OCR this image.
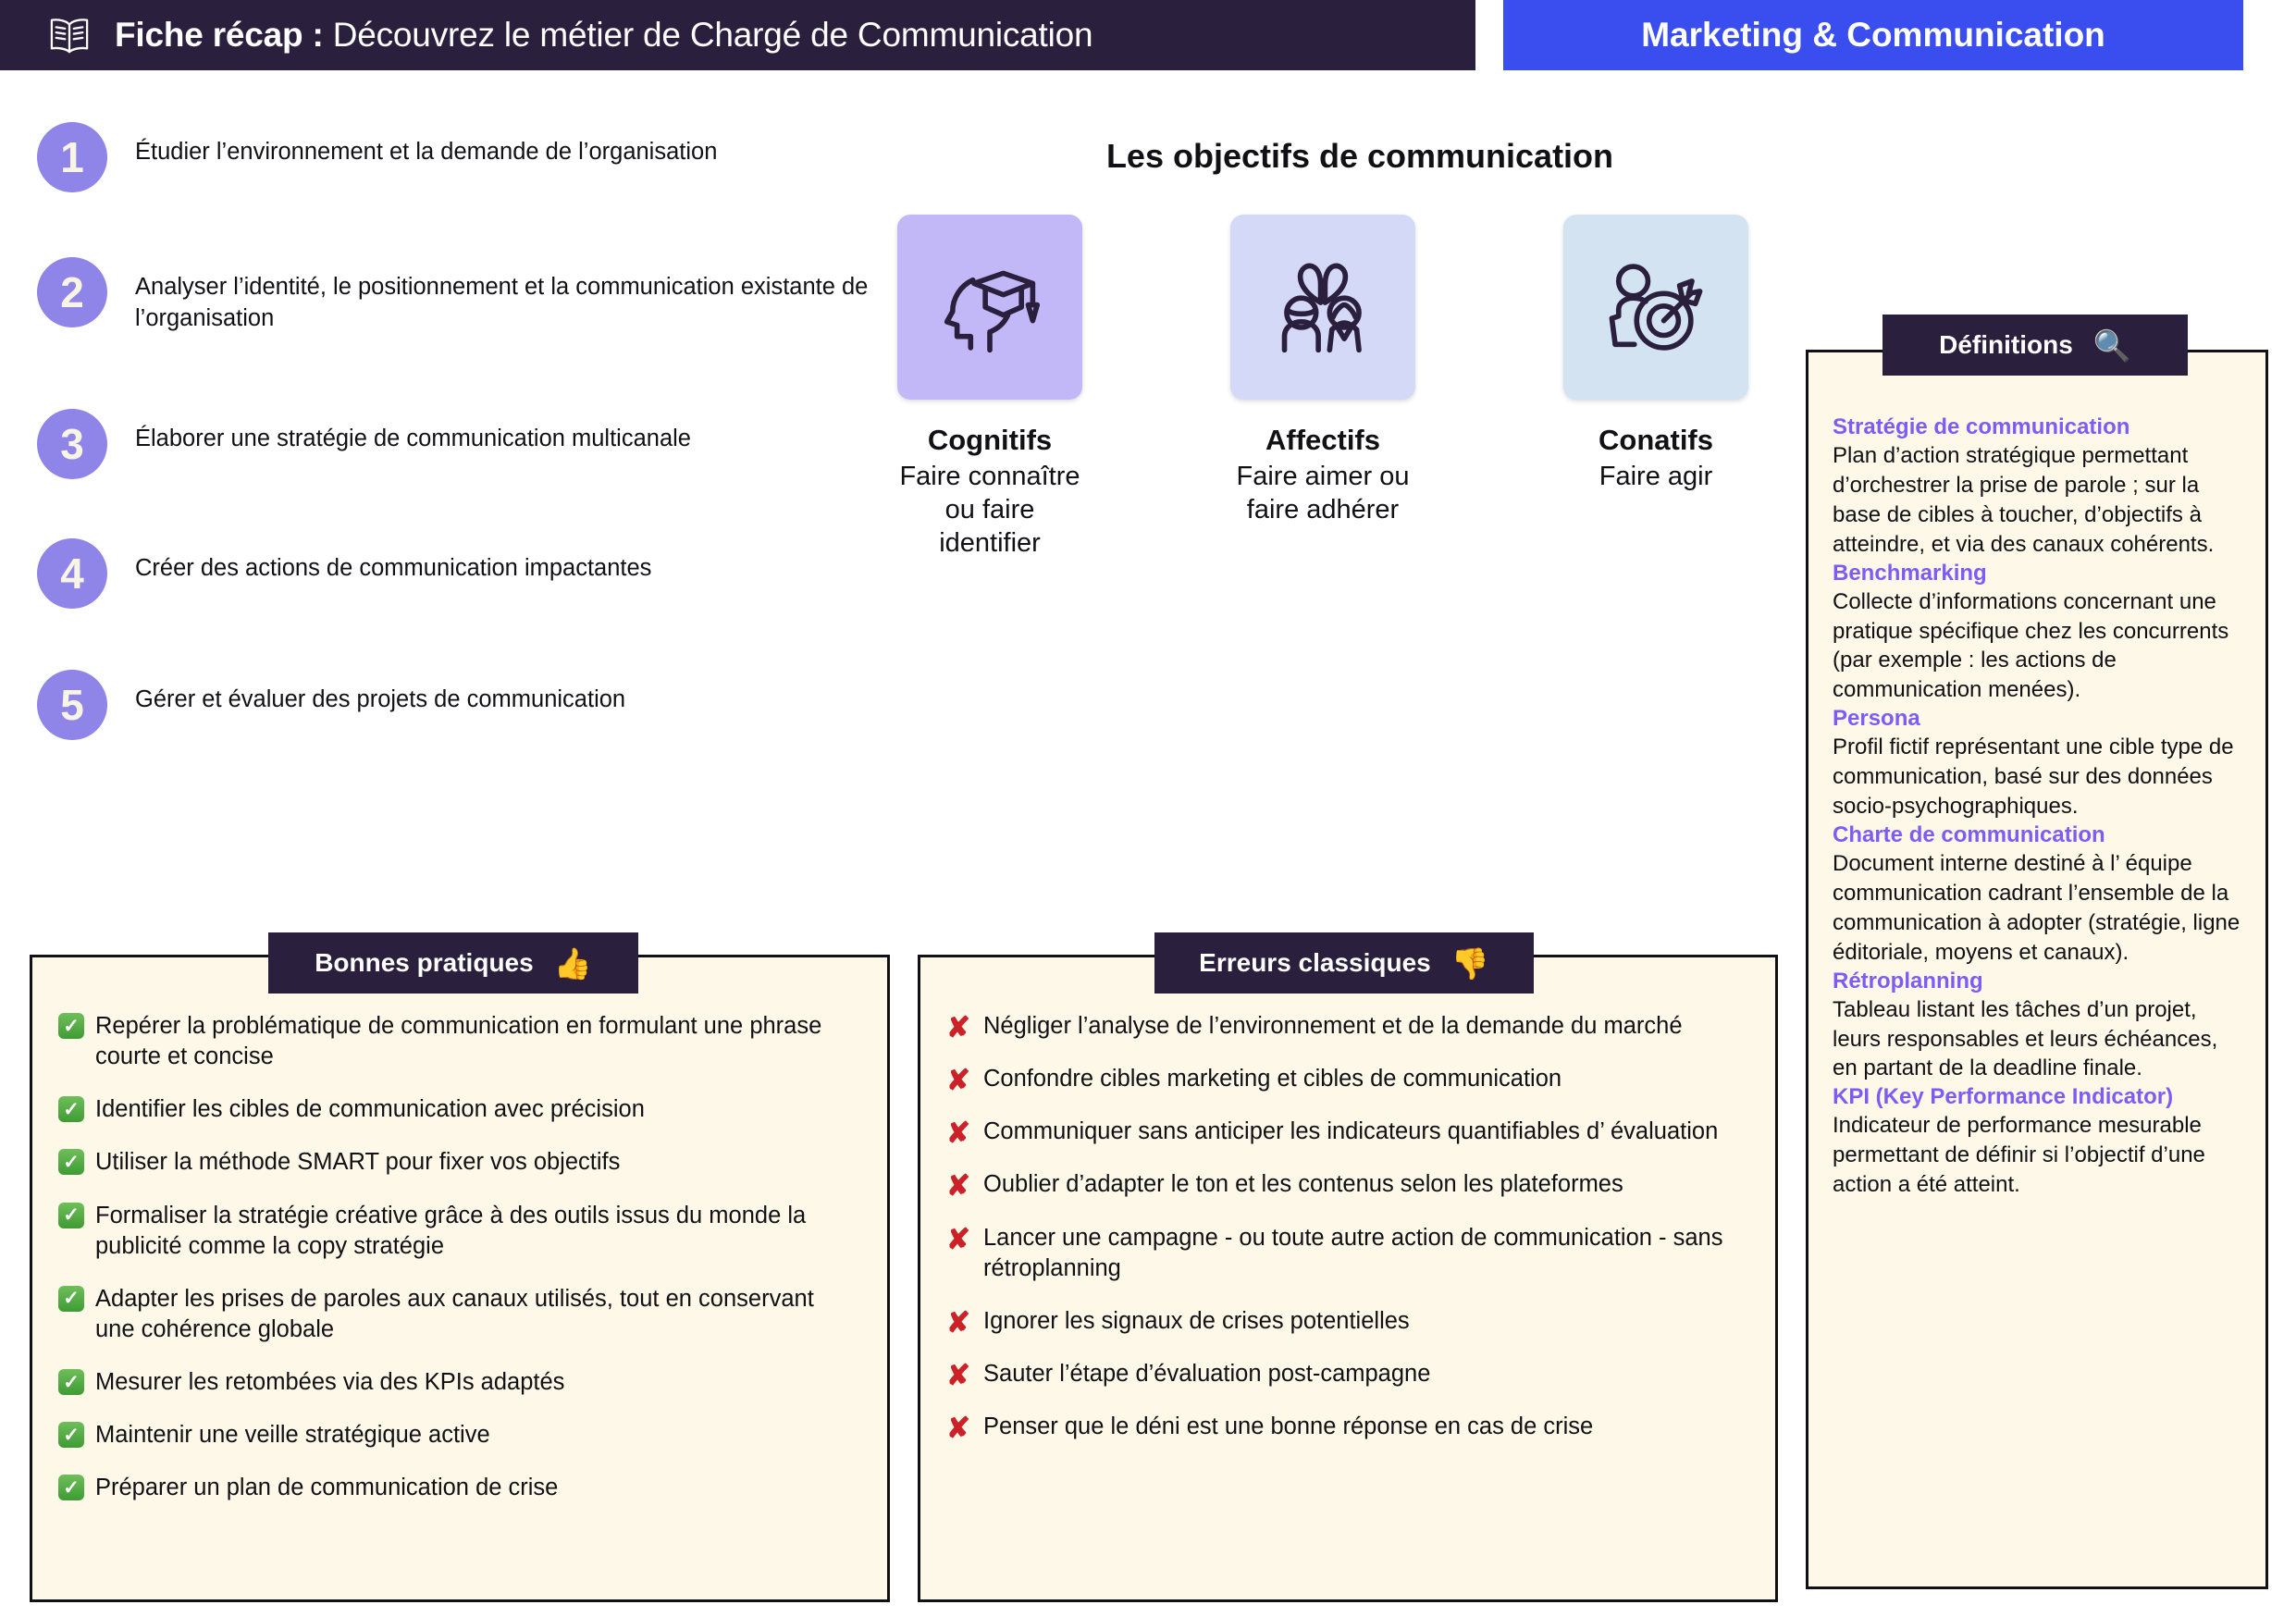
Fiche récap : Découvrez le métier de Chargé de Communication	Marketing & Communication
1	Étudier l’environnement et la demande de l’organisation
2	Analyser l’identité, le positionnement et la communication existante de l’organisation
3	Élaborer une stratégie de communication multicanale
4	Créer des actions de communication impactantes
5	Gérer et évaluer des projets de communication
Les objectifs de communication
Cognitifs
Faire connaître ou faire identifier
Affectifs
Faire aimer ou faire adhérer
Conatifs
Faire agir
✓ Repérer la problématique de communication en formulant une phrase courte et concise
✓ Identifier les cibles de communication avec précision
✓ Utiliser la méthode SMART pour fixer vos objectifs
✓ Formaliser la stratégie créative grâce à des outils issus du monde la publicité comme la copy stratégie
✓ Adapter les prises de paroles aux canaux utilisés, tout en conservant une cohérence globale
✓ Mesurer les retombées via des KPIs adaptés
✓ Maintenir une veille stratégique active
✓ Préparer un plan de communication de crise
Bonnes pratiques 👍
✘ Négliger l’analyse de l’environnement et de la demande du marché
✘ Confondre cibles marketing et cibles de communication
✘ Communiquer sans anticiper les indicateurs quantifiables d’ évaluation
✘ Oublier d’adapter le ton et les contenus selon les plateformes
✘ Lancer une campagne - ou toute autre action de communication - sans rétroplanning
✘ Ignorer les signaux de crises potentielles
✘ Sauter l’étape d’évaluation post-campagne
✘ Penser que le déni est une bonne réponse en cas de crise
Erreurs classiques 👎
Stratégie de communication
Plan d’action stratégique permettant d’orchestrer la prise de parole ; sur la base de cibles à toucher, d’objectifs à atteindre, et via des canaux cohérents.
Benchmarking
Collecte d’informations concernant une pratique spécifique chez les concurrents (par exemple : les actions de communication menées).
Persona
Profil fictif représentant une cible type de communication, basé sur des données socio-psychographiques.
Charte de communication
Document interne destiné à l’ équipe communication cadrant l’ensemble de la communication à adopter (stratégie, ligne éditoriale, moyens et canaux).
Rétroplanning
Tableau listant les tâches d’un projet, leurs responsables et leurs échéances, en partant de la deadline finale.
KPI (Key Performance Indicator)
Indicateur de performance mesurable permettant de définir si l’objectif d’une action a été atteint.
Définitions 🔍
